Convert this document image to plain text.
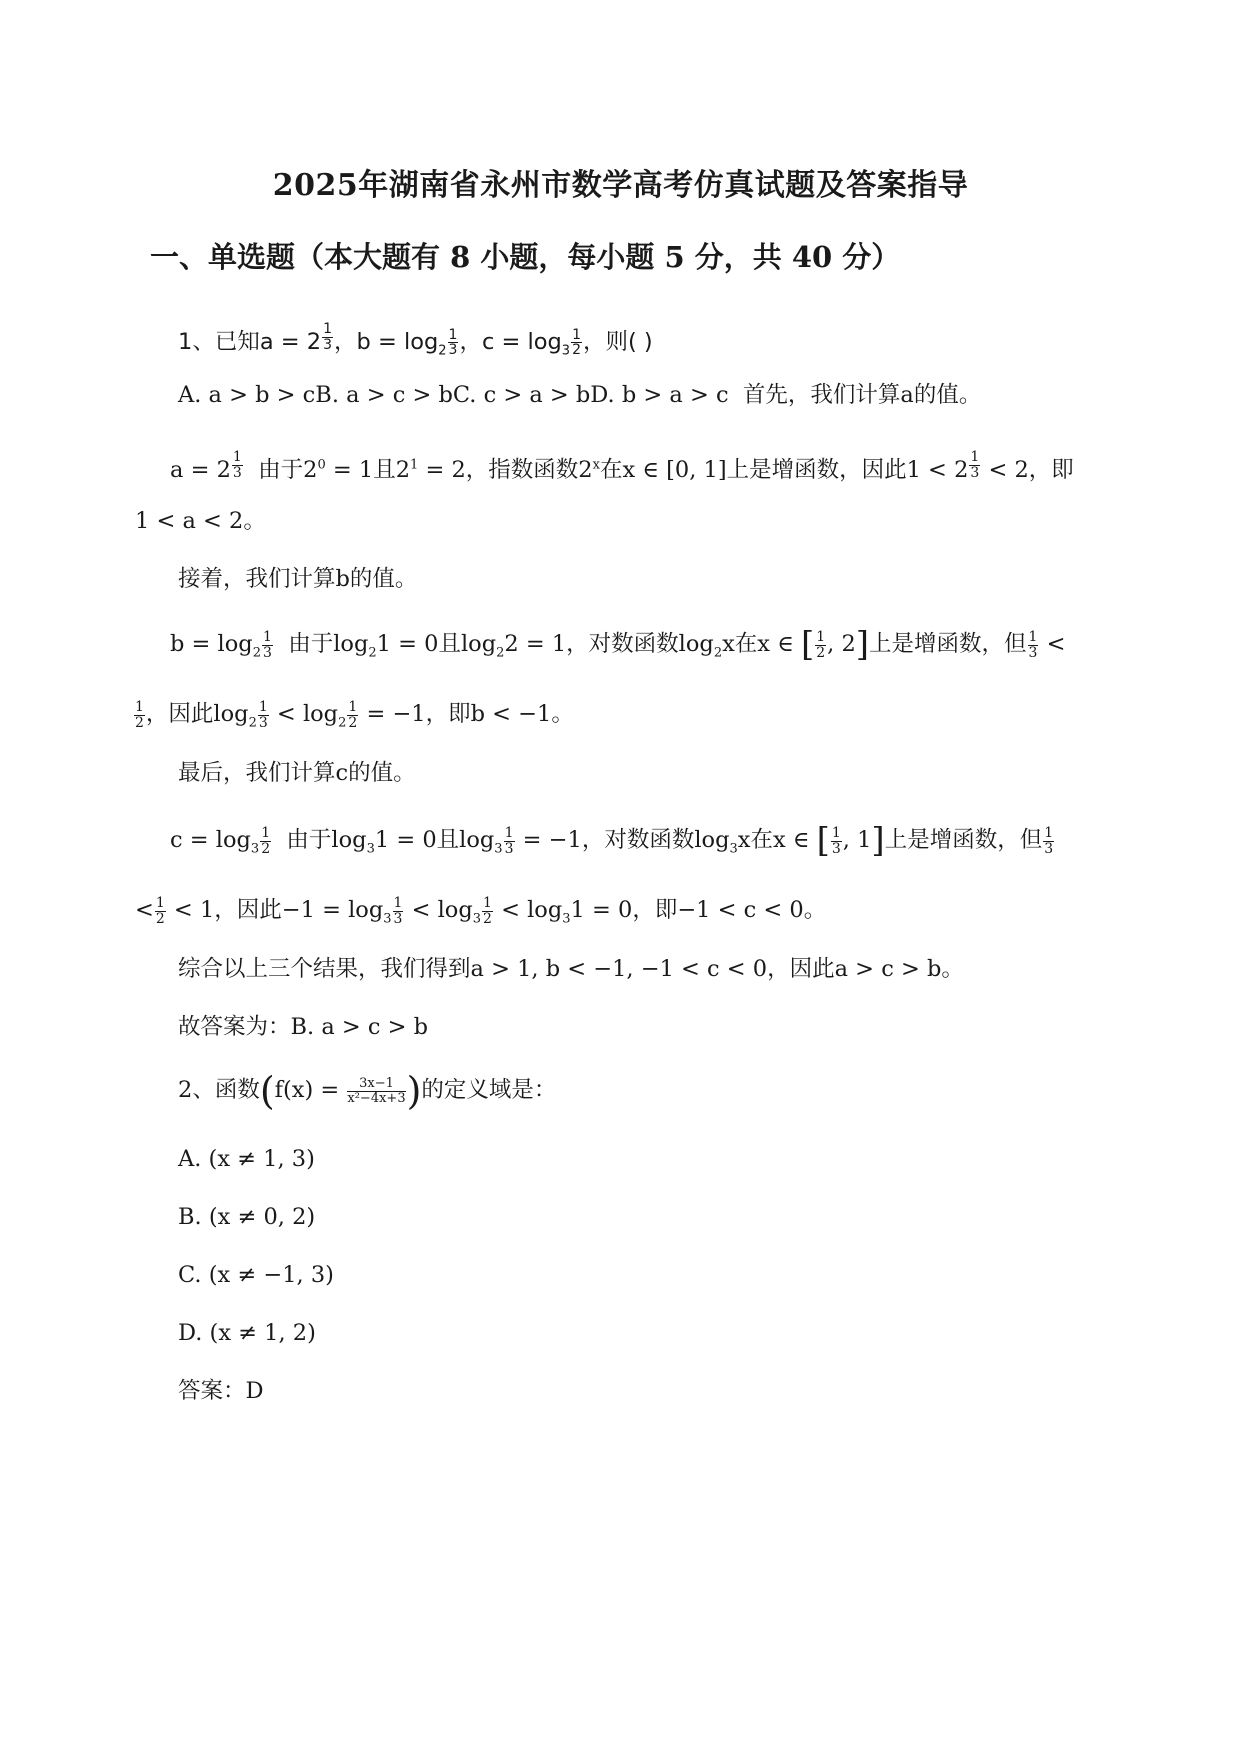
2025年湖南省永州市数学高考仿真试题及答案指导
一、单选题（本大题有 8 小题，每小题 5 分，共 40 分）
1、已知a = 2 $^{\frac{1}{3}}$ ，$b = \log_2 \frac{1}{3}$ ，$c = \log_3 \frac{1}{2}$ ，则( )
A. a > b > cB. a > c > bC. c > a > bD. b > a > c 首先，我们计算a的值。
a = 2 $^{\frac{1}{3}}$ 由于$2^0 = 1$且$2^1 = 2$，指数函数2$^x$在x ∈ [0, 1]上是增函数，因此1 < 2 $^{\frac{1}{3}}$ < 2，即
1 < a < 2。
接着，我们计算b的值。
$b = \log_2 \frac{1}{3}$ 由于$\log_21 = 0$且$\log_22 = 1$，对数函数$\log_2x$在x ∈ [ $\frac{1}{2}$ , 2]上是增函数，但 $\frac{1}{3}$ <
$\frac{1}{2}$ ，因此$\log_2 \frac{1}{3} < \log_2 \frac{1}{2} = -1$，即b < −1。
最后，我们计算c的值。
$c = \log_3 \frac{1}{2}$ 由于$\log_31 = 0$且$\log_3 \frac{1}{3} = -1$，对数函数$\log_3x$在x ∈ [ $\frac{1}{3}$ , 1]上是增函数，但 $\frac{1}{3}$
< $\frac{1}{2} < 1$，因此$-1 = \log_3 \frac{1}{3} < \log_3 \frac{1}{2} < \log_31 = 0$，即−1 < c < 0。
综合以上三个结果，我们得到a > 1, b < −1, −1 < c < 0，因此a > c > b。
故答案为：B. a > c > b
2、函数($f(x) = \frac{3x-1}{\text{x²−4x+3}}$ )的定义域是：
A. (x ≠ 1, 3)
B. (x ≠ 0, 2)
C. (x ≠ −1, 3)
D. (x ≠ 1, 2)
答案：D
